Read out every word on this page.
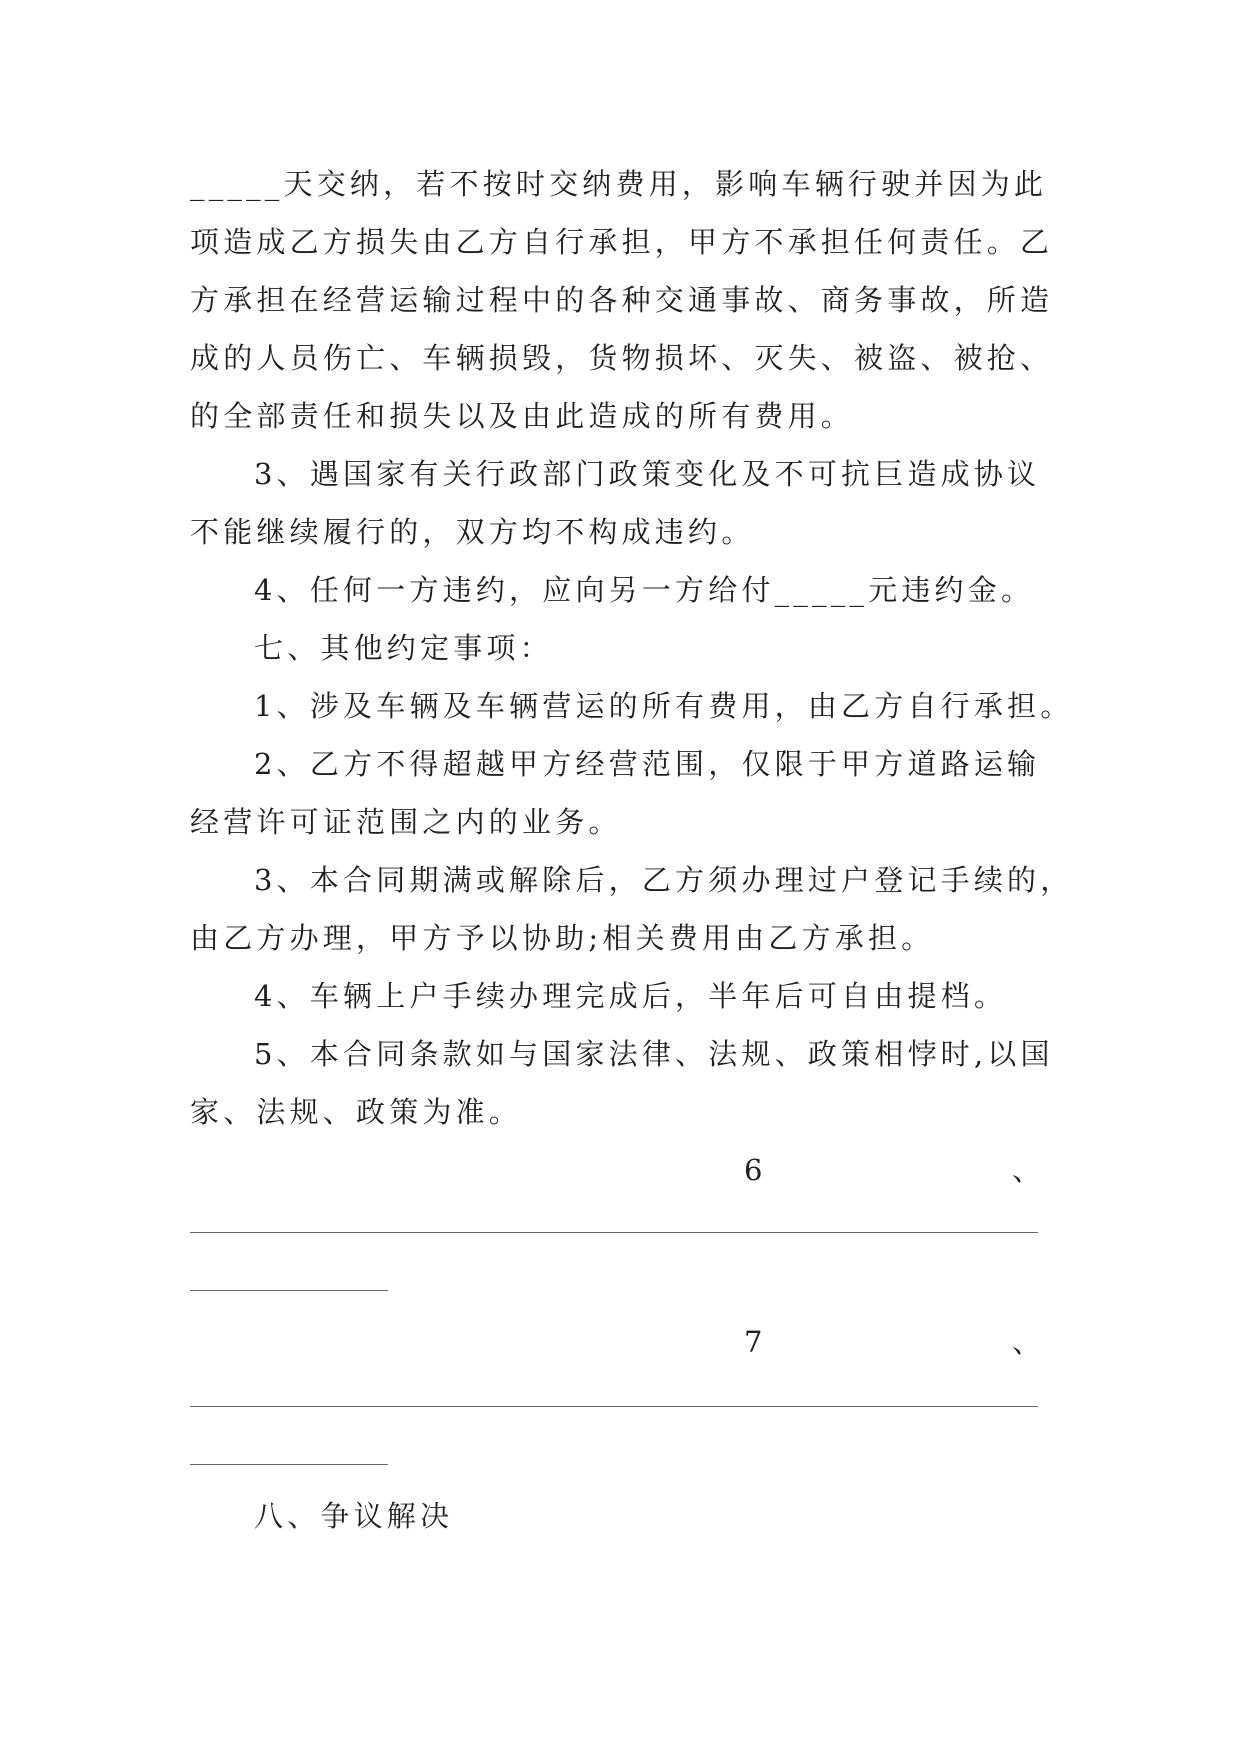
_____天交纳，若不按时交纳费用，影响车辆行驶并因为此
项造成乙方损失由乙方自行承担，甲方不承担任何责任。乙
方承担在经营运输过程中的各种交通事故、商务事故，所造
成的人员伤亡、车辆损毁，货物损坏、灭失、被盗、被抢、
的全部责任和损失以及由此造成的所有费用。
3、遇国家有关行政部门政策变化及不可抗巨造成协议
不能继续履行的，双方均不构成违约。
4、任何一方违约，应向另一方给付_____元违约金。
七、其他约定事项：
1、涉及车辆及车辆营运的所有费用，由乙方自行承担。
2、乙方不得超越甲方经营范围，仅限于甲方道路运输
经营许可证范围之内的业务。
3、本合同期满或解除后，乙方须办理过户登记手续的，
由乙方办理，甲方予以协助;相关费用由乙方承担。
4、车辆上户手续办理完成后，半年后可自由提档。
5、本合同条款如与国家法律、法规、政策相悖时,以国
家、法规、政策为准。
6	、
7	、
八、争议解决
